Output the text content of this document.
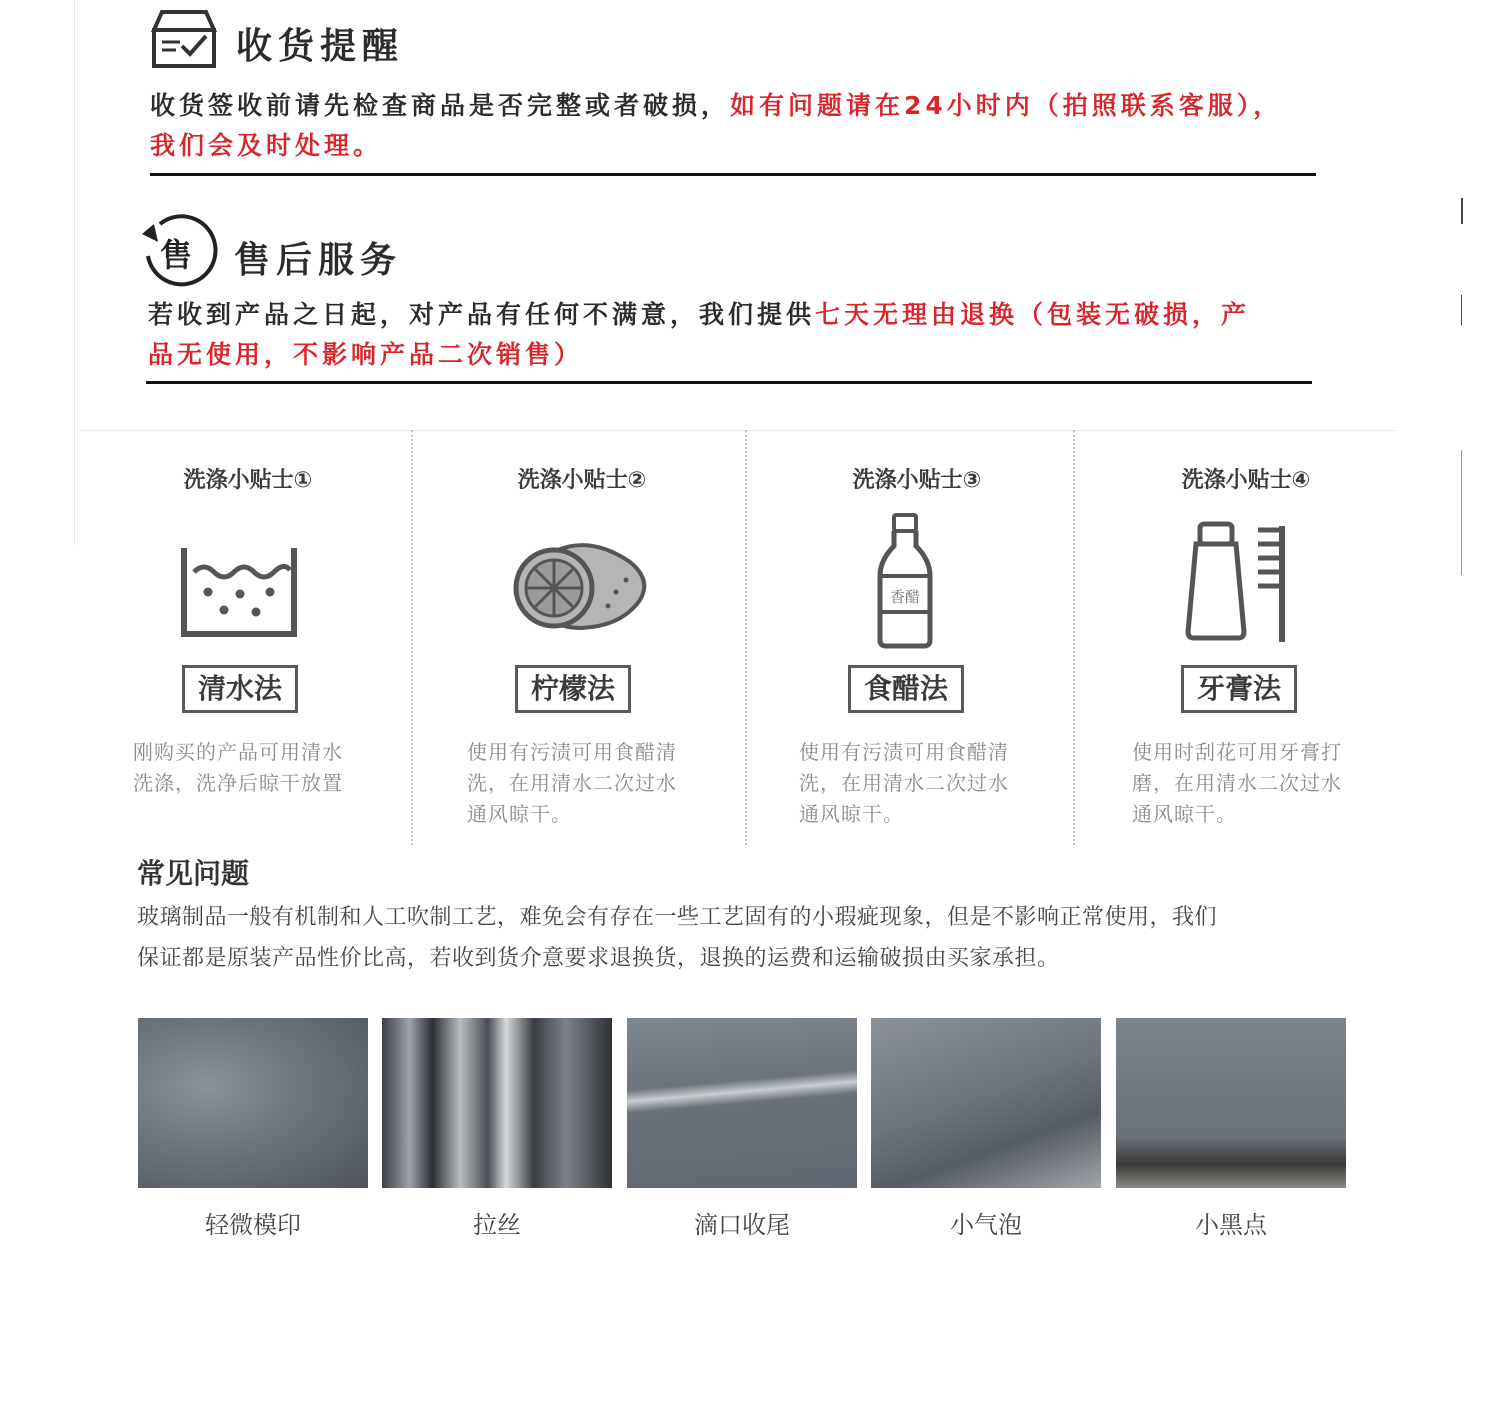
收货提醒
收货签收前请先检查商品是否完整或者破损，如有问题请在24小时内（拍照联系客服），
我们会及时处理。
售 售后服务
若收到产品之日起，对产品有任何不满意，我们提供七天无理由退换（包装无破损，产
品无使用，不影响产品二次销售）
洗涤小贴士①
清水法
刚购买的产品可用清水
洗涤，洗净后晾干放置
洗涤小贴士②
柠檬法
使用有污渍可用食醋清
洗，在用清水二次过水
通风晾干。
洗涤小贴士③
香醋
食醋法
使用有污渍可用食醋清
洗，在用清水二次过水
通风晾干。
洗涤小贴士④
牙膏法
使用时刮花可用牙膏打
磨，在用清水二次过水
通风晾干。
常见问题
玻璃制品一般有机制和人工吹制工艺，难免会有存在一些工艺固有的小瑕疵现象，但是不影响正常使用，我们
保证都是原装产品性价比高，若收到货介意要求退换货，退换的运费和运输破损由买家承担。
轻微模印	拉丝	滴口收尾	小气泡	小黑点
